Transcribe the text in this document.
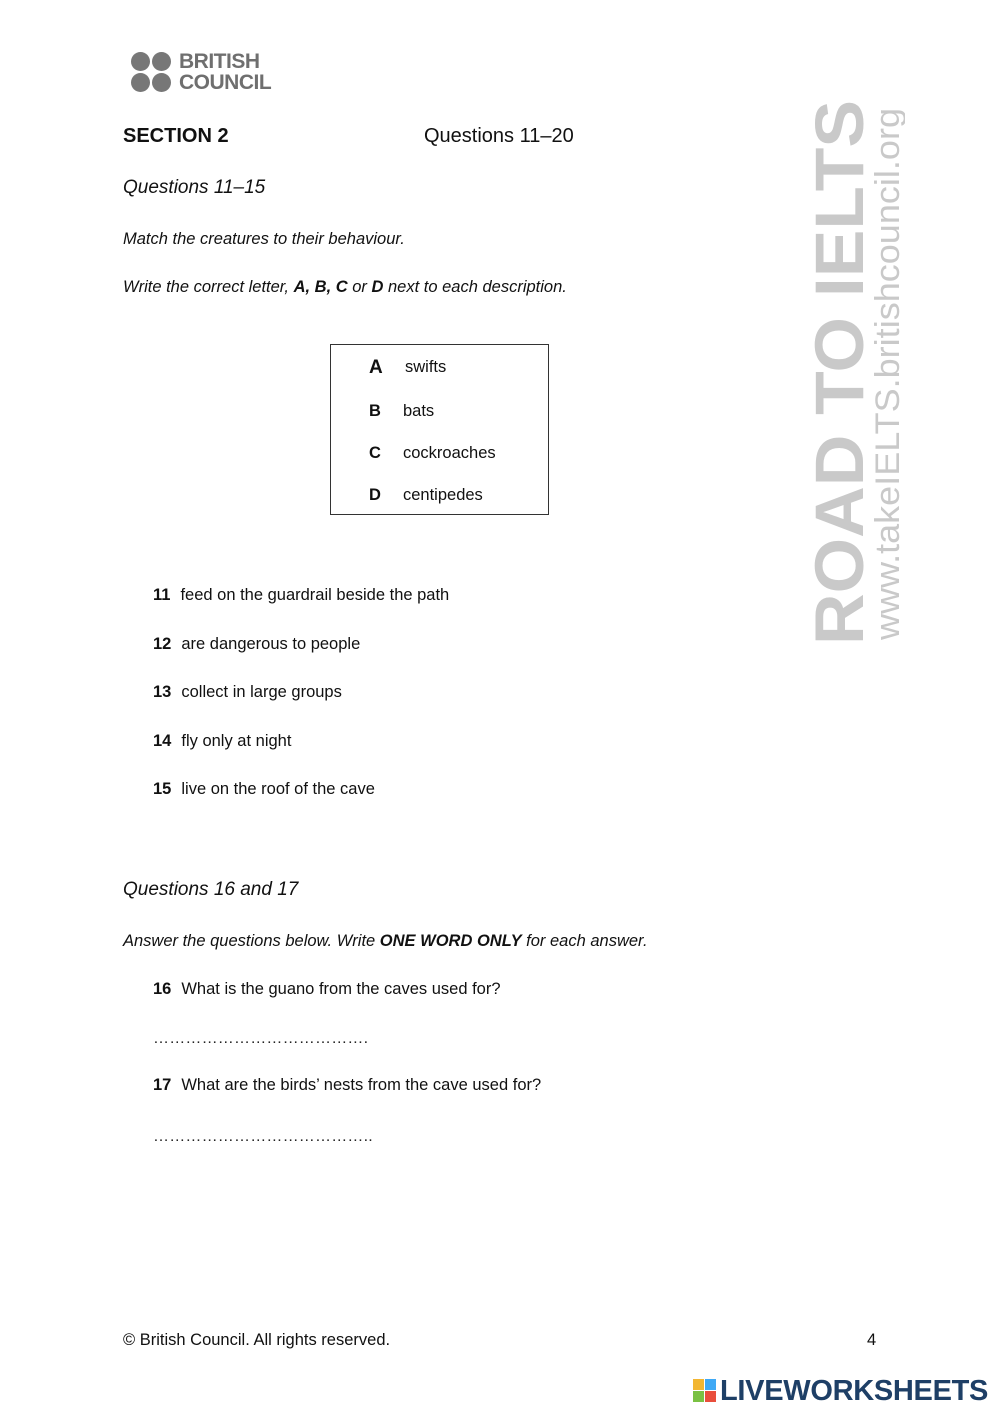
BRITISH
COUNCIL
SECTION 2	Questions 11–20
Questions 11–15
Match the creatures to their behaviour.
Write the correct letter, A, B, C or D next to each description.
A swifts
B bats
C cockroaches
D centipedes
11 feed on the guardrail beside the path
12 are dangerous to people
13 collect in large groups
14 fly only at night
15 live on the roof of the cave
Questions 16 and 17
Answer the questions below. Write ONE WORD ONLY for each answer.
16 What is the guano from the caves used for?
………………………………….
17 What are the birds’ nests from the cave used for?
…………………………………..
ROAD TO IELTS
www.takeIELTS.britishcouncil.org
© British Council. All rights reserved.	4
LIVEWORKSHEETS
